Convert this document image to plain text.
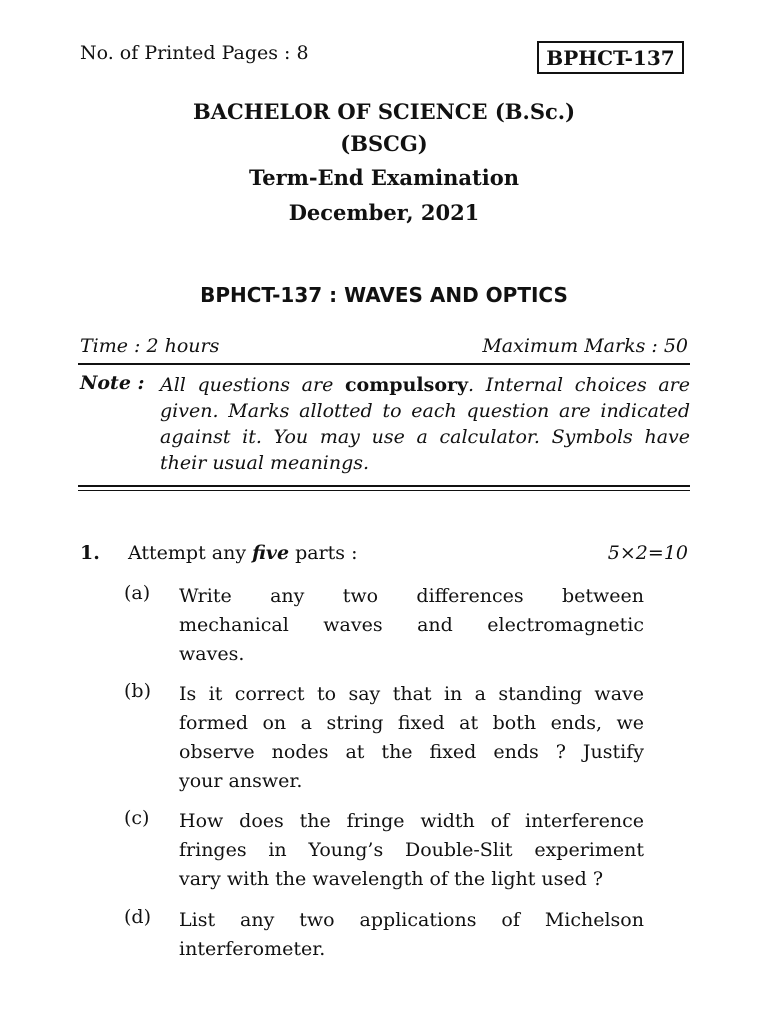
No. of Printed Pages : 8	BPHCT-137
BACHELOR OF SCIENCE (B.Sc.)
(BSCG)
Term-End Examination
December, 2021
BPHCT-137 : WAVES AND OPTICS
Time : 2 hours	Maximum Marks : 50
Note : All questions are compulsory. Internal choices are given. Marks allotted to each question are indicated against it. You may use a calculator. Symbols have their usual meanings.
1. Attempt any five parts :	5×2=10
(a) Write any two differences between
mechanical waves and electromagnetic
waves.
(b) Is it correct to say that in a standing wave
formed on a string fixed at both ends, we
observe nodes at the fixed ends ? Justify
your answer.
(c) How does the fringe width of interference
fringes in Young’s Double-Slit experiment
vary with the wavelength of the light used ?
(d) List any two applications of Michelson
interferometer.
